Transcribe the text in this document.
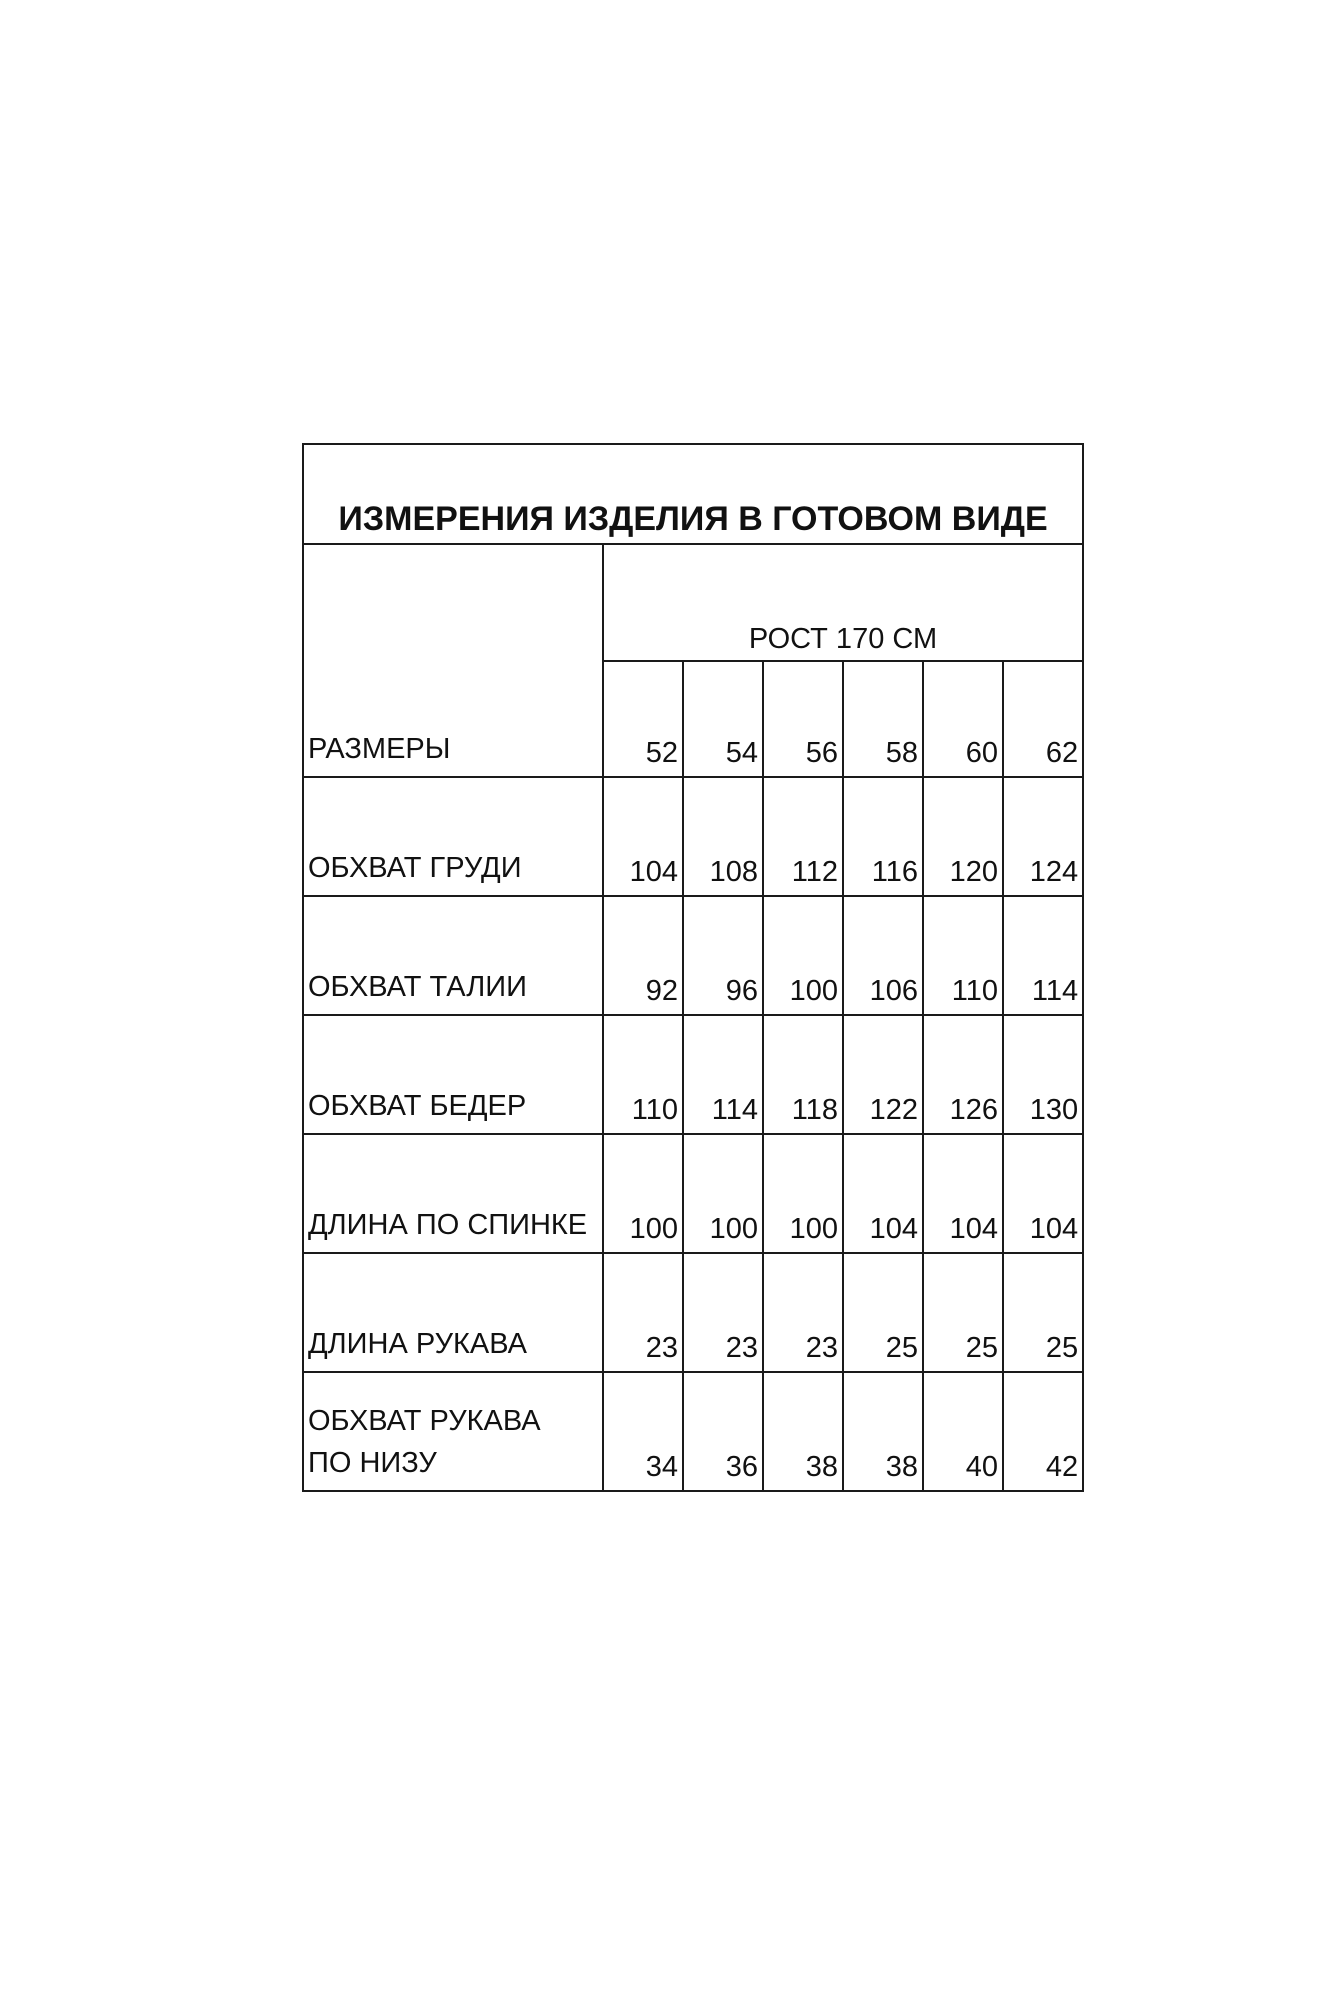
ИЗМЕРЕНИЯ ИЗДЕЛИЯ В ГОТОВОМ ВИДЕ						
РАЗМЕРЫ	РОСТ 170 СМ					
	52	54	56	58	60	62
ОБХВАТ ГРУДИ	104	108	112	116	120	124
ОБХВАТ ТАЛИИ	92	96	100	106	110	114
ОБХВАТ БЕДЕР	110	114	118	122	126	130
ДЛИНА ПО СПИНКЕ	100	100	100	104	104	104
ДЛИНА РУКАВА	23	23	23	25	25	25
ОБХВАТ РУКАВА
ПО НИЗУ	34	36	38	38	40	42
